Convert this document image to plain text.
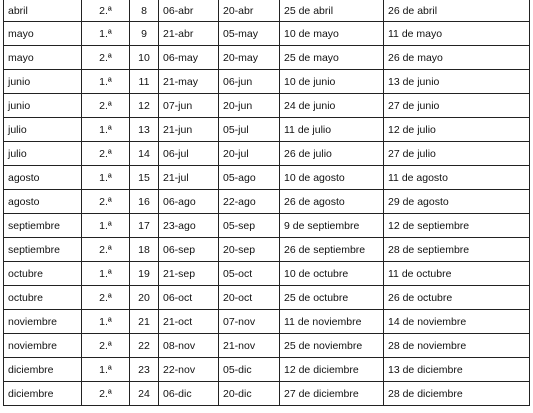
abril	2.ª	8	06-abr	20-abr	25 de abril	26 de abril
mayo	1.ª	9	21-abr	05-may	10 de mayo	11 de mayo
mayo	2.ª	10	06-may	20-may	25 de mayo	26 de mayo
junio	1.ª	11	21-may	06-jun	10 de junio	13 de junio
junio	2.ª	12	07-jun	20-jun	24 de junio	27 de junio
julio	1.ª	13	21-jun	05-jul	11 de julio	12 de julio
julio	2.ª	14	06-jul	20-jul	26 de julio	27 de julio
agosto	1.ª	15	21-jul	05-ago	10 de agosto	11 de agosto
agosto	2.ª	16	06-ago	22-ago	26 de agosto	29 de agosto
septiembre	1.ª	17	23-ago	05-sep	9 de septiembre	12 de septiembre
septiembre	2.ª	18	06-sep	20-sep	26 de septiembre	28 de septiembre
octubre	1.ª	19	21-sep	05-oct	10 de octubre	11 de octubre
octubre	2.ª	20	06-oct	20-oct	25 de octubre	26 de octubre
noviembre	1.ª	21	21-oct	07-nov	11 de noviembre	14 de noviembre
noviembre	2.ª	22	08-nov	21-nov	25 de noviembre	28 de noviembre
diciembre	1.ª	23	22-nov	05-dic	12 de diciembre	13 de diciembre
diciembre	2.ª	24	06-dic	20-dic	27 de diciembre	28 de diciembre
